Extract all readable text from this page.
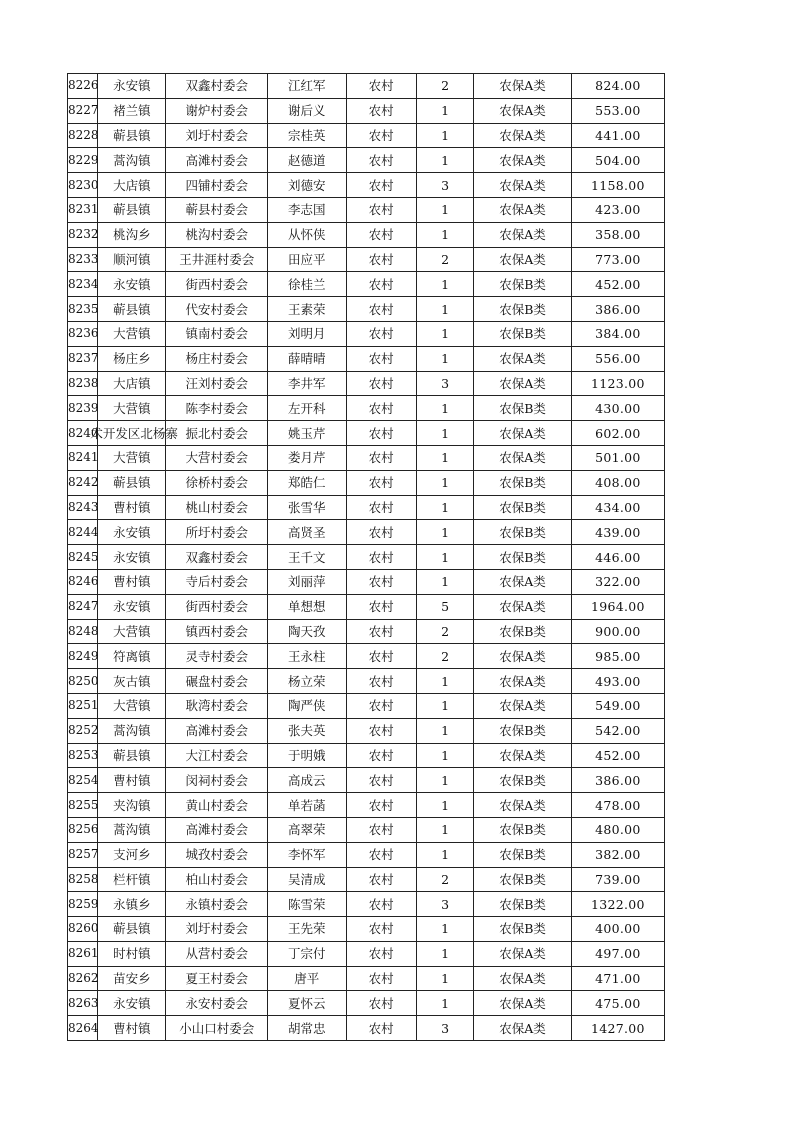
8226	永安镇	双鑫村委会	江红军	农村	2	农保A类	824.00
8227	褚兰镇	谢炉村委会	谢后义	农村	1	农保A类	553.00
8228	蕲县镇	刘圩村委会	宗桂英	农村	1	农保A类	441.00
8229	蒿沟镇	高滩村委会	赵德道	农村	1	农保A类	504.00
8230	大店镇	四铺村委会	刘德安	农村	3	农保A类	1158.00
8231	蕲县镇	蕲县村委会	李志国	农村	1	农保A类	423.00
8232	桃沟乡	桃沟村委会	从怀侠	农村	1	农保A类	358.00
8233	顺河镇	王井涯村委会	田应平	农村	2	农保A类	773.00
8234	永安镇	街西村委会	徐桂兰	农村	1	农保B类	452.00
8235	蕲县镇	代安村委会	王素荣	农村	1	农保B类	386.00
8236	大营镇	镇南村委会	刘明月	农村	1	农保B类	384.00
8237	杨庄乡	杨庄村委会	薛晴晴	农村	1	农保A类	556.00
8238	大店镇	汪刘村委会	李井军	农村	3	农保A类	1123.00
8239	大营镇	陈李村委会	左开科	农村	1	农保B类	430.00
8240	术开发区北杨寨	振北村委会	姚玉芹	农村	1	农保A类	602.00
8241	大营镇	大营村委会	娄月芹	农村	1	农保A类	501.00
8242	蕲县镇	徐桥村委会	郑皓仁	农村	1	农保B类	408.00
8243	曹村镇	桃山村委会	张雪华	农村	1	农保B类	434.00
8244	永安镇	所圩村委会	高贤圣	农村	1	农保B类	439.00
8245	永安镇	双鑫村委会	王千文	农村	1	农保B类	446.00
8246	曹村镇	寺后村委会	刘丽萍	农村	1	农保A类	322.00
8247	永安镇	街西村委会	单想想	农村	5	农保A类	1964.00
8248	大营镇	镇西村委会	陶天孜	农村	2	农保B类	900.00
8249	符离镇	灵寺村委会	王永柱	农村	2	农保A类	985.00
8250	灰古镇	碾盘村委会	杨立荣	农村	1	农保A类	493.00
8251	大营镇	耿湾村委会	陶严侠	农村	1	农保A类	549.00
8252	蒿沟镇	高滩村委会	张夫英	农村	1	农保B类	542.00
8253	蕲县镇	大江村委会	于明娥	农村	1	农保A类	452.00
8254	曹村镇	闵祠村委会	高成云	农村	1	农保B类	386.00
8255	夹沟镇	黄山村委会	单若菡	农村	1	农保A类	478.00
8256	蒿沟镇	高滩村委会	高翠荣	农村	1	农保B类	480.00
8257	支河乡	城孜村委会	李怀军	农村	1	农保B类	382.00
8258	栏杆镇	柏山村委会	吴清成	农村	2	农保B类	739.00
8259	永镇乡	永镇村委会	陈雪荣	农村	3	农保B类	1322.00
8260	蕲县镇	刘圩村委会	王先荣	农村	1	农保B类	400.00
8261	时村镇	从营村委会	丁宗付	农村	1	农保A类	497.00
8262	苗安乡	夏王村委会	唐平	农村	1	农保A类	471.00
8263	永安镇	永安村委会	夏怀云	农村	1	农保A类	475.00
8264	曹村镇	小山口村委会	胡常忠	农村	3	农保A类	1427.00
